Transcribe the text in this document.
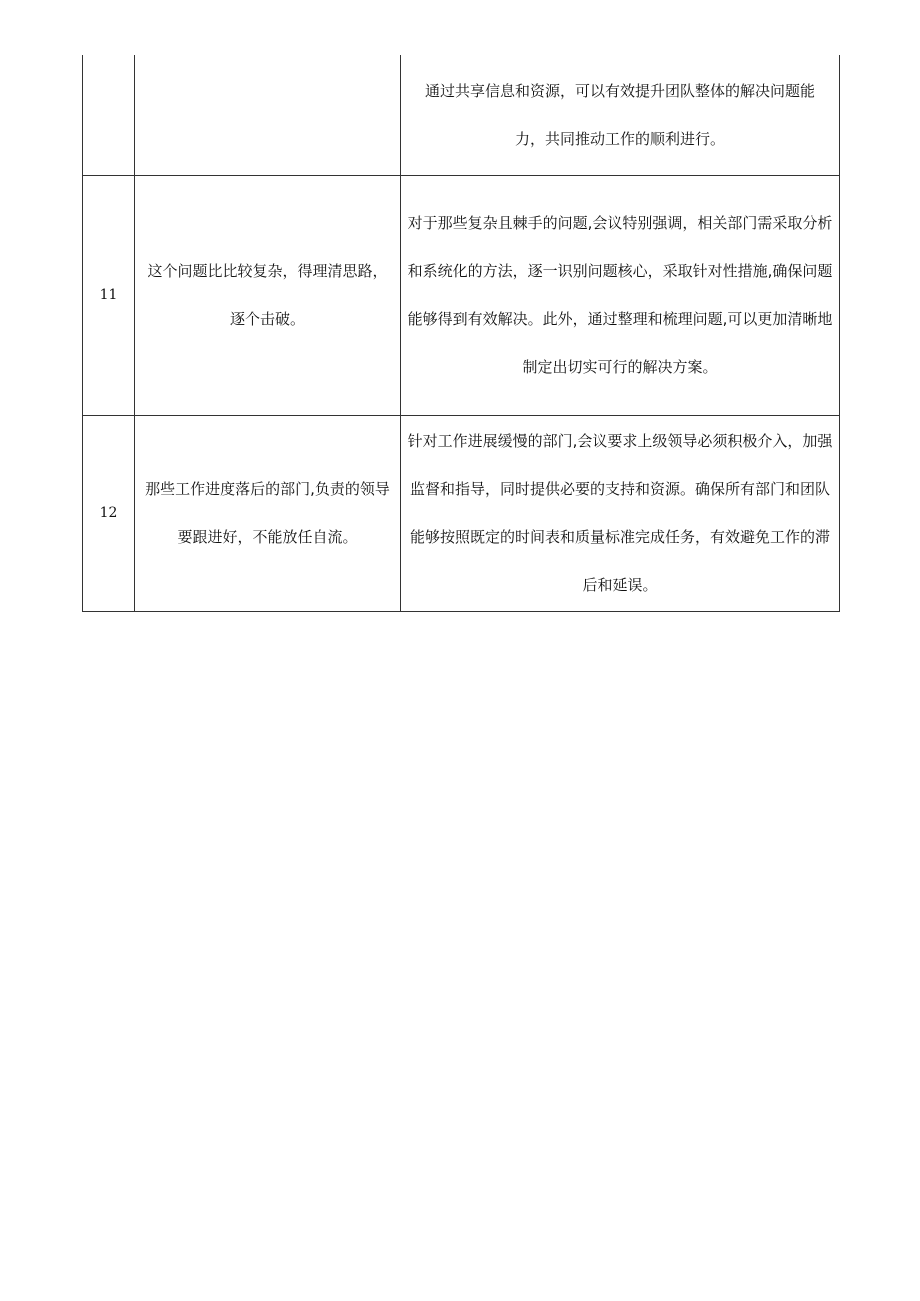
		通过共享信息和资源，可以有效提升团队整体的解决问题能力，共同推动工作的顺利进行。

11	这个问题比比较复杂，得理清思路，逐个击破。	对于那些复杂且棘手的问题,会议特别强调，相关部门需采取分析和系统化的方法，逐一识别问题核心，采取针对性措施,确保问题能够得到有效解决。此外，通过整理和梳理问题,可以更加清晰地制定出切实可行的解决方案。

12	那些工作进度落后的部门,负责的领导要跟进好，不能放任自流。	针对工作进展缓慢的部门,会议要求上级领导必须积极介入，加强监督和指导，同时提供必要的支持和资源。确保所有部门和团队能够按照既定的时间表和质量标准完成任务，有效避免工作的滞后和延误。
